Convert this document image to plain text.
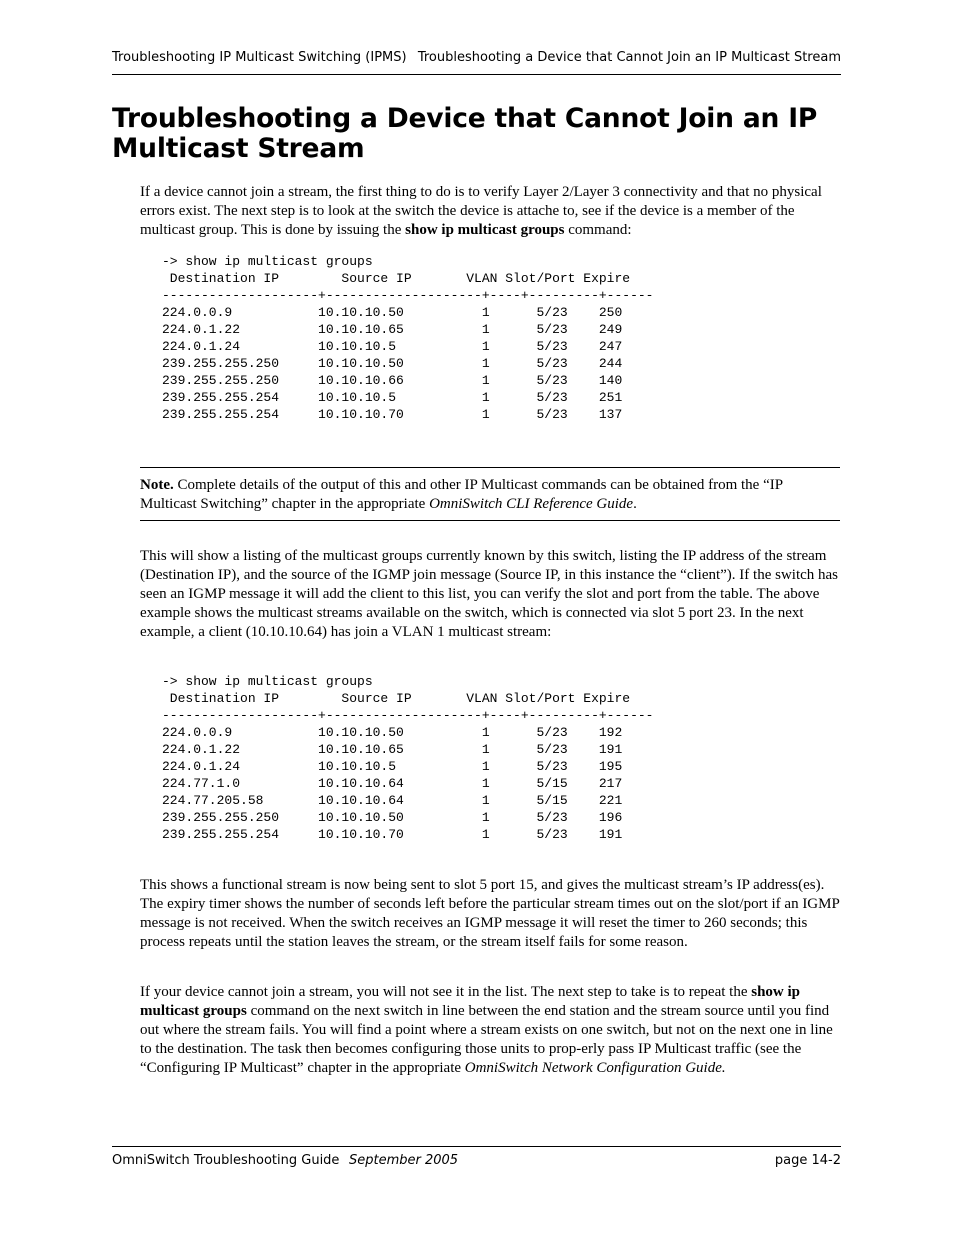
Troubleshooting IP Multicast Switching (IPMS) Troubleshooting a Device that Cannot Join an IP Multicast Stream
Troubleshooting a Device that Cannot Join an IP Multicast Stream

If a device cannot join a stream, the first thing to do is to verify Layer 2/Layer 3 connectivity and that no physical errors exist. The next step is to look at the switch the device is attache to, see if the device is a member of the multicast group. This is done by issuing the show ip multicast groups command:

-> show ip multicast groups
Destination IP        Source IP       VLAN Slot/Port Expire
--------------------+--------------------+----+---------+------
224.0.0.9           10.10.10.50          1      5/23    250
224.0.1.22          10.10.10.65          1      5/23    249
224.0.1.24          10.10.10.5           1      5/23    247
239.255.255.250     10.10.10.50          1      5/23    244
239.255.255.250     10.10.10.66          1      5/23    140
239.255.255.254     10.10.10.5           1      5/23    251
239.255.255.254     10.10.10.70          1      5/23    137

Note. Complete details of the output of this and other IP Multicast commands can be obtained from the “IP Multicast Switching” chapter in the appropriate OmniSwitch CLI Reference Guide.

This will show a listing of the multicast groups currently known by this switch, listing the IP address of the stream (Destination IP), and the source of the IGMP join message (Source IP, in this instance the “client”). If the switch has seen an IGMP message it will add the client to this list, you can verify the slot and port from the table. The above example shows the multicast streams available on the switch, which is connected via slot 5 port 23. In the next example, a client (10.10.10.64) has join a VLAN 1 multicast stream:

-> show ip multicast groups
Destination IP        Source IP       VLAN Slot/Port Expire
--------------------+--------------------+----+---------+------
224.0.0.9           10.10.10.50          1      5/23    192
224.0.1.22          10.10.10.65          1      5/23    191
224.0.1.24          10.10.10.5           1      5/23    195
224.77.1.0          10.10.10.64          1      5/15    217
224.77.205.58       10.10.10.64          1      5/15    221
239.255.255.250     10.10.10.50          1      5/23    196
239.255.255.254     10.10.10.70          1      5/23    191

This shows a functional stream is now being sent to slot 5 port 15, and gives the multicast stream’s IP address(es). The expiry timer shows the number of seconds left before the particular stream times out on the slot/port if an IGMP message is not received. When the switch receives an IGMP message it will reset the timer to 260 seconds; this process repeats until the station leaves the stream, or the stream itself fails for some reason.

If your device cannot join a stream, you will not see it in the list. The next step to take is to repeat the show ip multicast groups command on the next switch in line between the end station and the stream source until you find out where the stream fails. You will find a point where a stream exists on one switch, but not on the next one in line to the destination. The task then becomes configuring those units to prop-erly pass IP Multicast traffic (see the “Configuring IP Multicast” chapter in the appropriate OmniSwitch Network Configuration Guide.

OmniSwitch Troubleshooting Guide September 2005	page 14-2
